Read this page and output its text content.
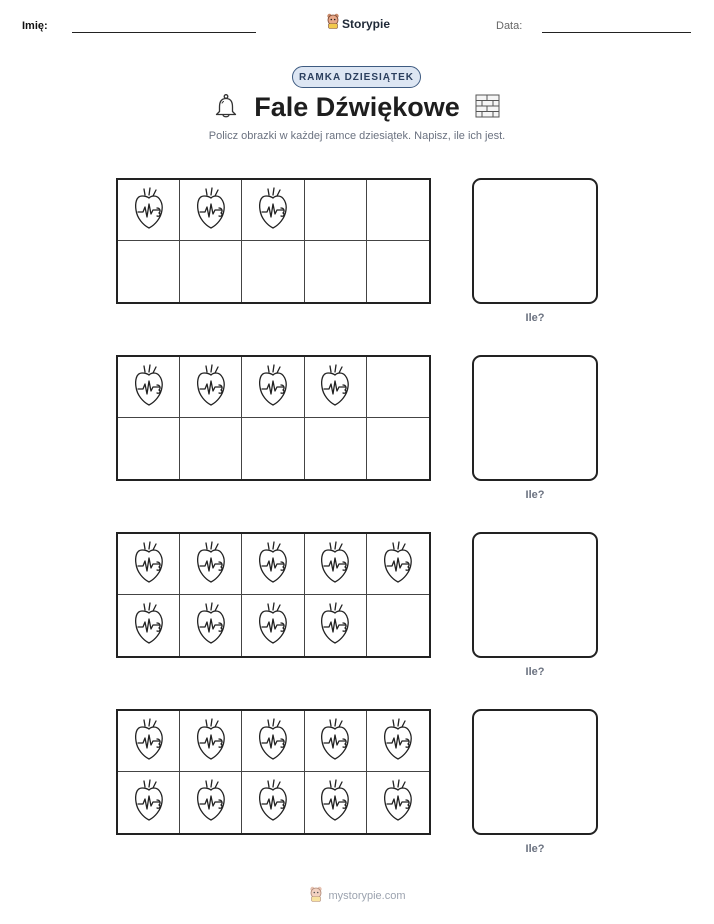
Imię:	Storypie	Data:
RAMKA DZIESIĄTEK
Fale Dźwiękowe
Policz obrazki w każdej ramce dziesiątek. Napisz, ile ich jest.
Ile?
Ile?
Ile?
Ile?
mystorypie.com
